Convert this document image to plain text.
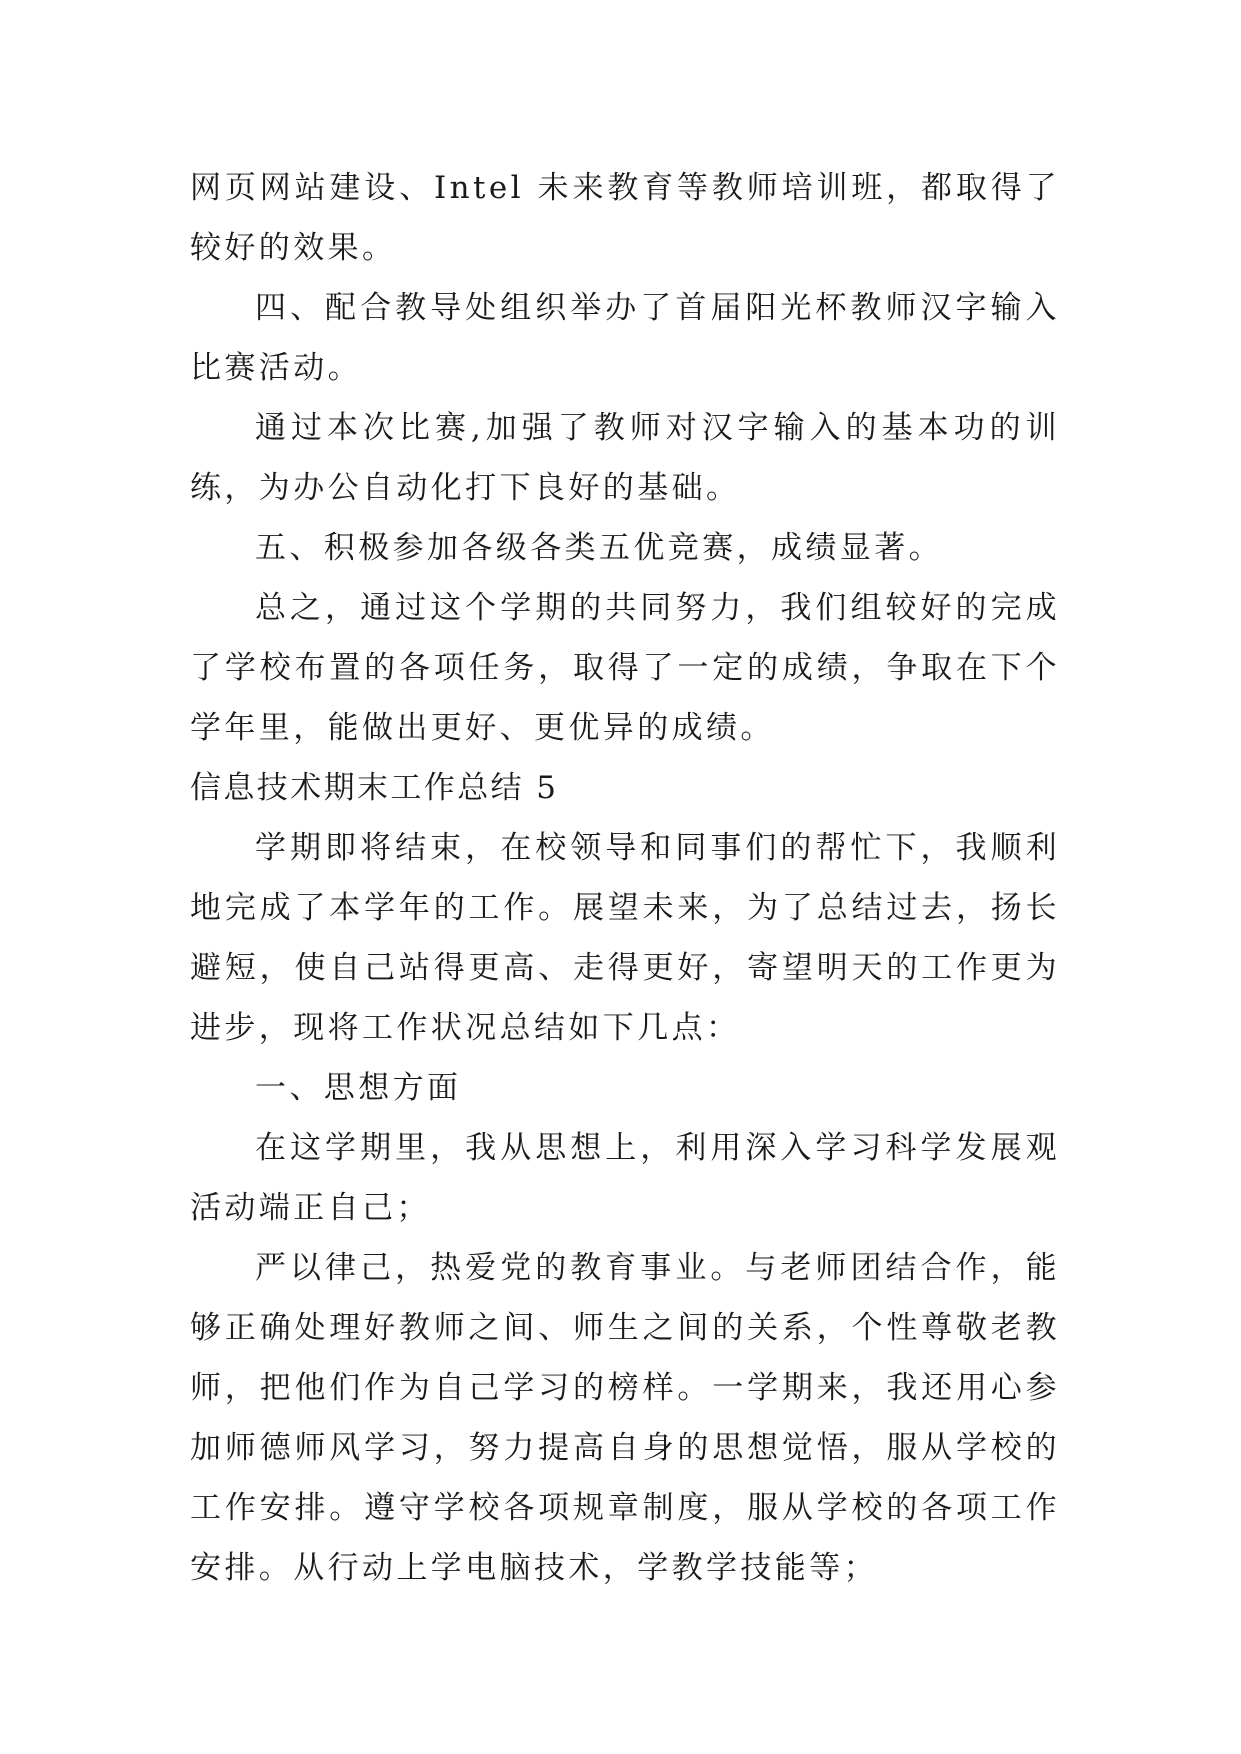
网页网站建设、Intel 未来教育等教师培训班，都取得了较好的效果。

四、配合教导处组织举办了首届阳光杯教师汉字输入比赛活动。

通过本次比赛,加强了教师对汉字输入的基本功的训练，为办公自动化打下良好的基础。

五、积极参加各级各类五优竞赛，成绩显著。

总之，通过这个学期的共同努力，我们组较好的完成了学校布置的各项任务，取得了一定的成绩，争取在下个学年里，能做出更好、更优异的成绩。

信息技术期末工作总结 5

学期即将结束，在校领导和同事们的帮忙下，我顺利地完成了本学年的工作。展望未来，为了总结过去，扬长避短，使自己站得更高、走得更好，寄望明天的工作更为进步，现将工作状况总结如下几点：

一、思想方面

在这学期里，我从思想上，利用深入学习科学发展观活动端正自己；

严以律己，热爱党的教育事业。与老师团结合作，能够正确处理好教师之间、师生之间的关系，个性尊敬老教师，把他们作为自己学习的榜样。一学期来，我还用心参加师德师风学习，努力提高自身的思想觉悟，服从学校的工作安排。遵守学校各项规章制度，服从学校的各项工作安排。从行动上学电脑技术，学教学技能等；
